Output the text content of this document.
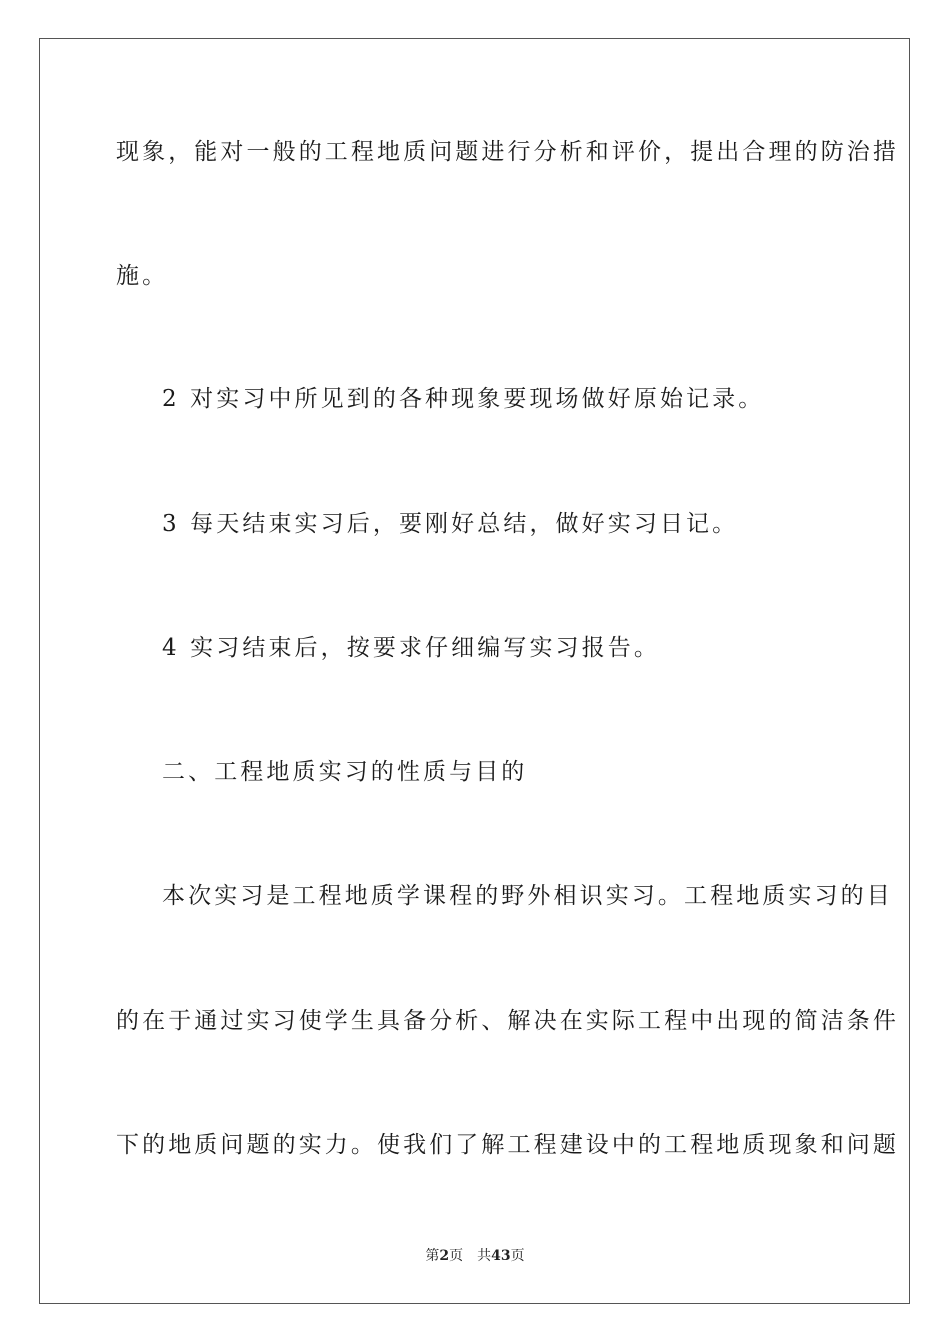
现象，能对一般的工程地质问题进行分析和评价，提出合理的防治措
施。
2 对实习中所见到的各种现象要现场做好原始记录。
3 每天结束实习后，要刚好总结，做好实习日记。
4 实习结束后，按要求仔细编写实习报告。
二、工程地质实习的性质与目的
本次实习是工程地质学课程的野外相识实习。工程地质实习的目
的在于通过实习使学生具备分析、解决在实际工程中出现的简洁条件
下的地质问题的实力。使我们了解工程建设中的工程地质现象和问题
第2页 共43页
